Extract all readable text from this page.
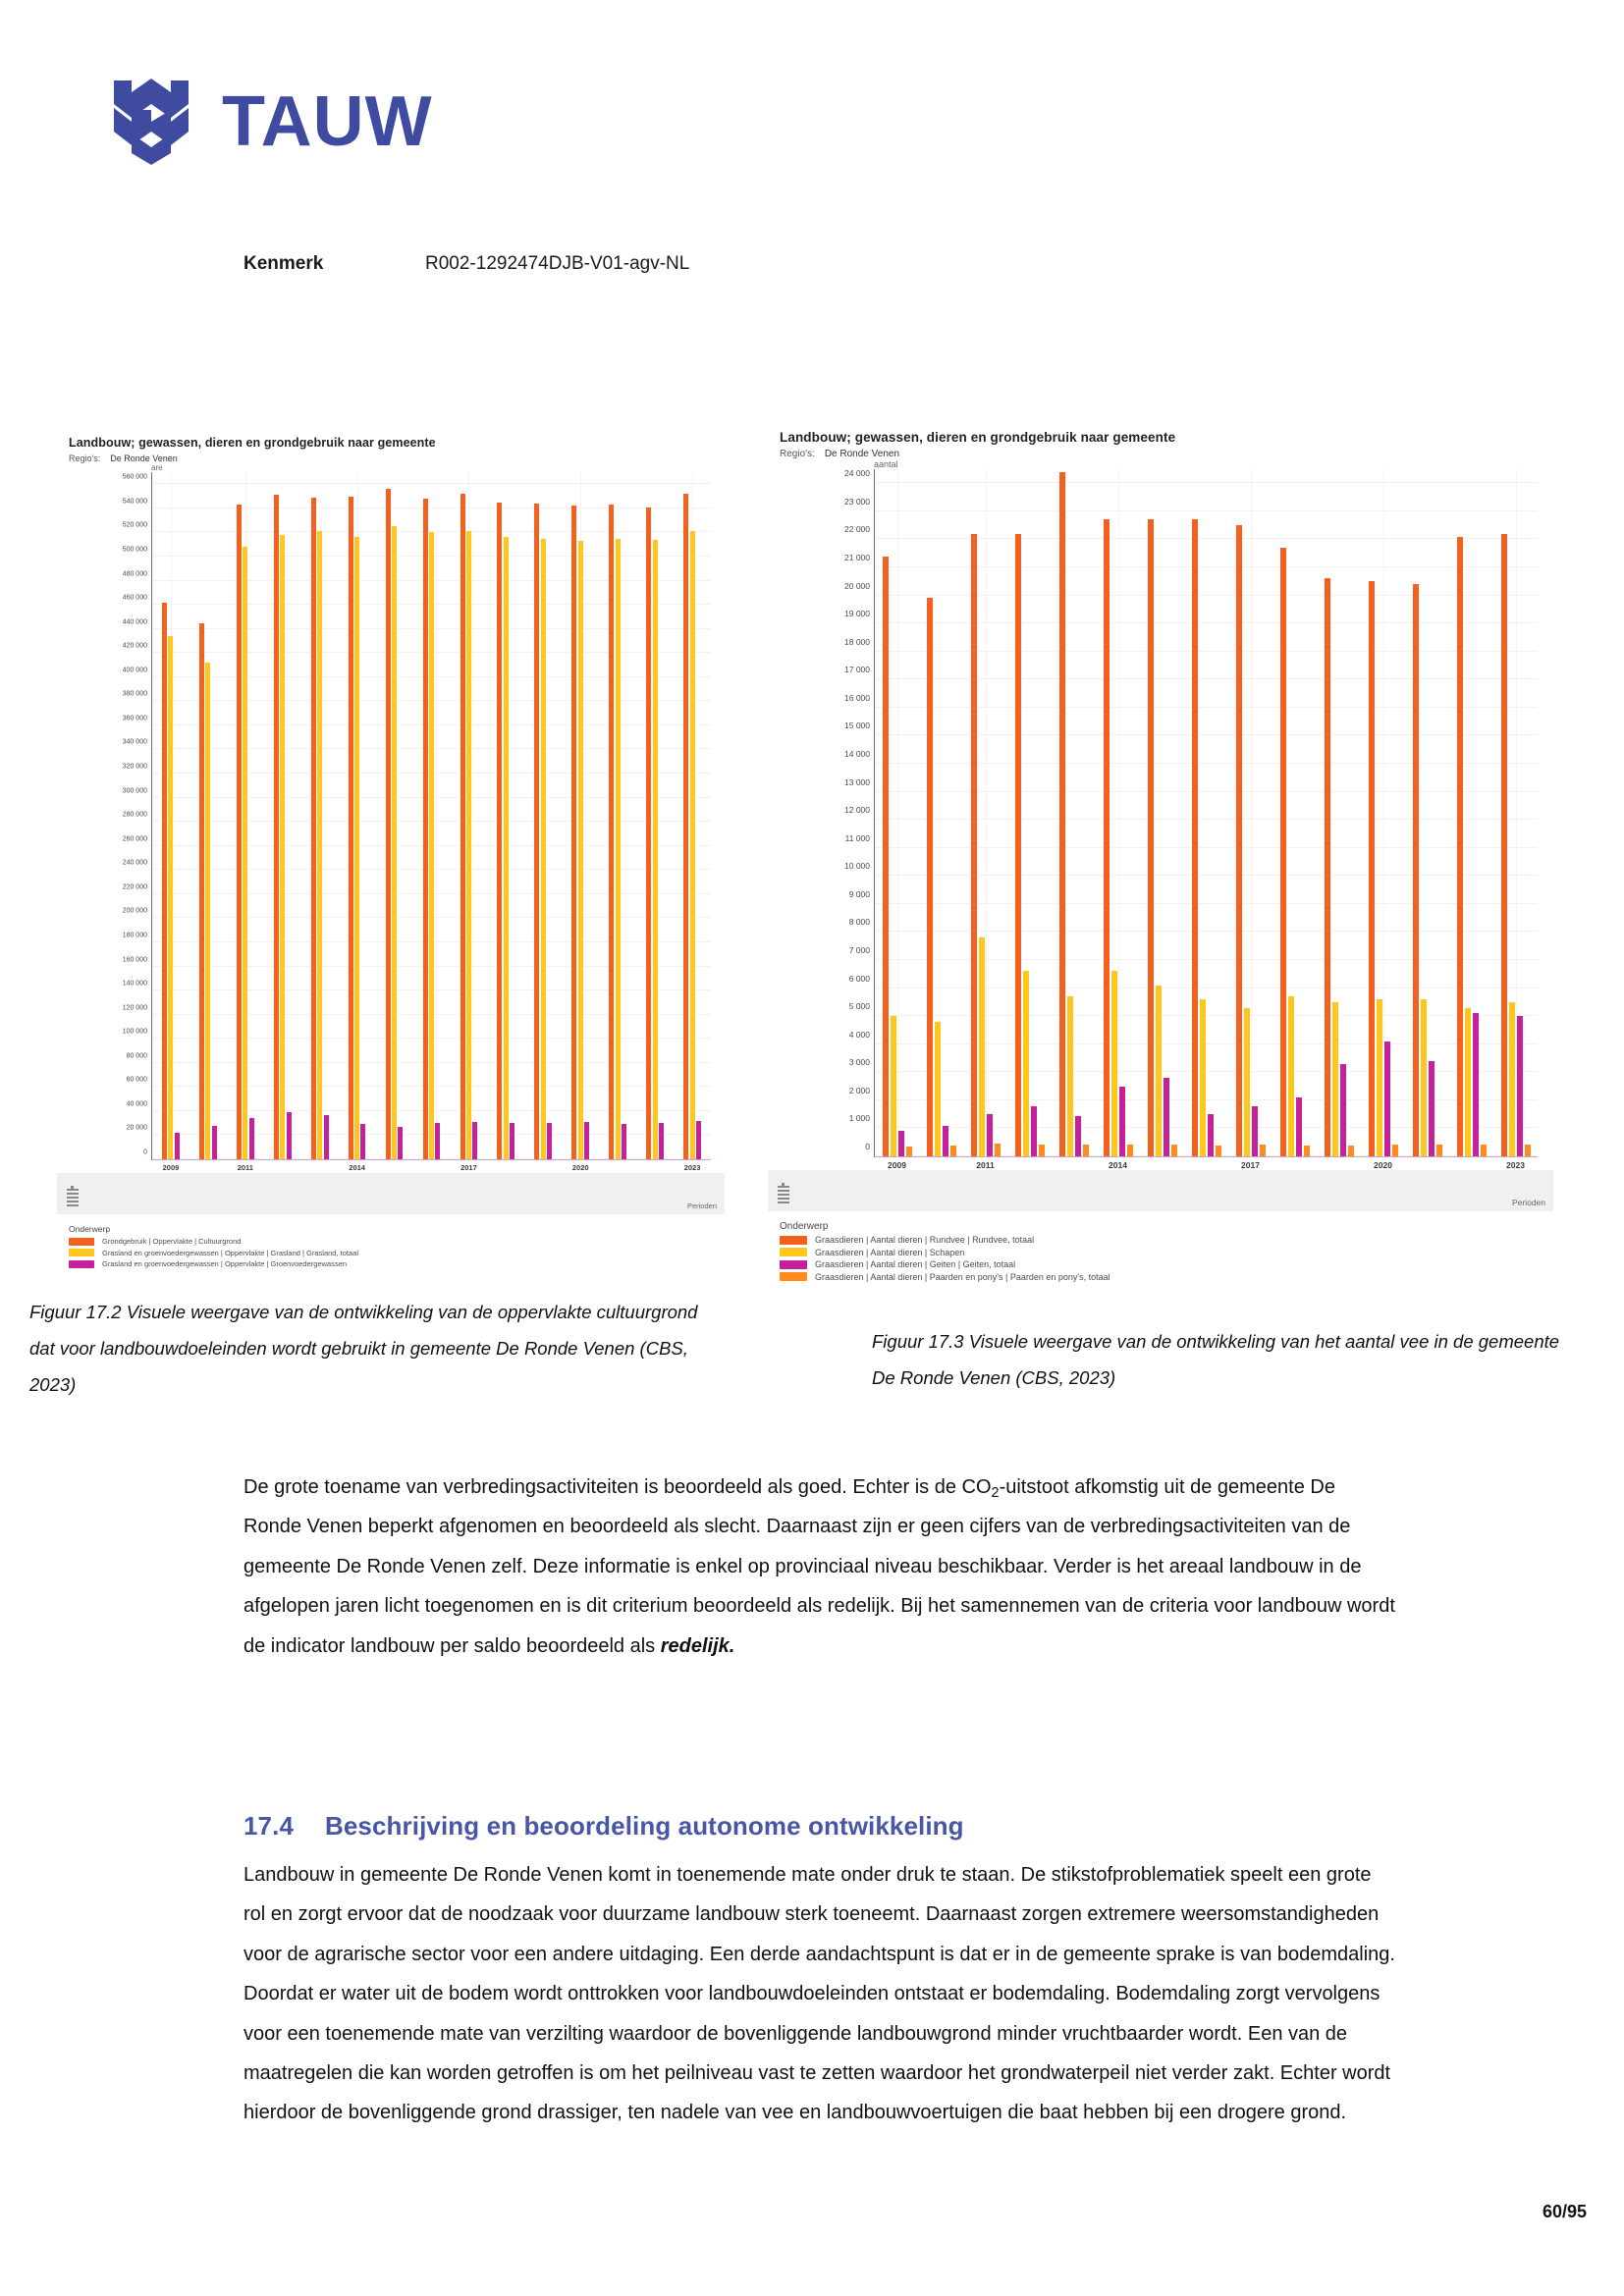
TAUW
Kenmerk	R002-1292474DJB-V01-agv-NL
Landbouw; gewassen, dieren en grondgebruik naar gemeente
Regio's: De Ronde Venen
are
0
20 000
40 000
60 000
80 000
100 000
120 000
140 000
160 000
180 000
200 000
220 000
240 000
260 000
280 000
300 000
320 000
340 000
360 000
380 000
400 000
420 000
440 000
460 000
480 000
500 000
520 000
540 000
560 000
2009	2011	2014	2017	2020	2023
Perioden
Onderwerp
Grondgebruik | Oppervlakte | Cultuurgrond
Grasland en groenvoedergewassen | Oppervlakte | Grasland | Grasland, totaal
Grasland en groenvoedergewassen | Oppervlakte | Groenvoedergewassen
Landbouw; gewassen, dieren en grondgebruik naar gemeente
Regio's: De Ronde Venen
aantal
0
1 000
2 000
3 000
4 000
5 000
6 000
7 000
8 000
9 000
10 000
11 000
12 000
13 000
14 000
15 000
16 000
17 000
18 000
19 000
20 000
21 000
22 000
23 000
24 000
2009	2011	2014	2017	2020	2023
Perioden
Onderwerp
Graasdieren | Aantal dieren | Rundvee | Rundvee, totaal
Graasdieren | Aantal dieren | Schapen
Graasdieren | Aantal dieren | Geiten | Geiten, totaal
Graasdieren | Aantal dieren | Paarden en pony's | Paarden en pony's, totaal
Figuur 17.2 Visuele weergave van de ontwikkeling van de oppervlakte cultuurgrond dat voor landbouwdoeleinden wordt gebruikt in gemeente De Ronde Venen (CBS, 2023)
Figuur 17.3 Visuele weergave van de ontwikkeling van het aantal vee in de gemeente De Ronde Venen (CBS, 2023)

De grote toename van verbredingsactiviteiten is beoordeeld als goed. Echter is de $CO_2$-uitstoot afkomstig uit de gemeente De Ronde Venen beperkt afgenomen en beoordeeld als slecht. Daarnaast zijn er geen cijfers van de verbredingsactiviteiten van de gemeente De Ronde Venen zelf. Deze informatie is enkel op provinciaal niveau beschikbaar. Verder is het areaal landbouw in de afgelopen jaren licht toegenomen en is dit criterium beoordeeld als redelijk. Bij het samennemen van de criteria voor landbouw wordt de indicator landbouw per saldo beoordeeld als redelijk.

17.4	Beschrijving en beoordeling autonome ontwikkeling

Landbouw in gemeente De Ronde Venen komt in toenemende mate onder druk te staan. De stikstofproblematiek speelt een grote rol en zorgt ervoor dat de noodzaak voor duurzame landbouw sterk toeneemt. Daarnaast zorgen extremere weersomstandigheden voor de agrarische sector voor een andere uitdaging. Een derde aandachtspunt is dat er in de gemeente sprake is van bodemdaling. Doordat er water uit de bodem wordt onttrokken voor landbouwdoeleinden ontstaat er bodemdaling. Bodemdaling zorgt vervolgens voor een toenemende mate van verzilting waardoor de bovenliggende landbouwgrond minder vruchtbaarder wordt. Een van de maatregelen die kan worden getroffen is om het peilniveau vast te zetten waardoor het grondwaterpeil niet verder zakt. Echter wordt hierdoor de bovenliggende grond drassiger, ten nadele van vee en landbouwvoertuigen die baat hebben bij een drogere grond.

60/95
